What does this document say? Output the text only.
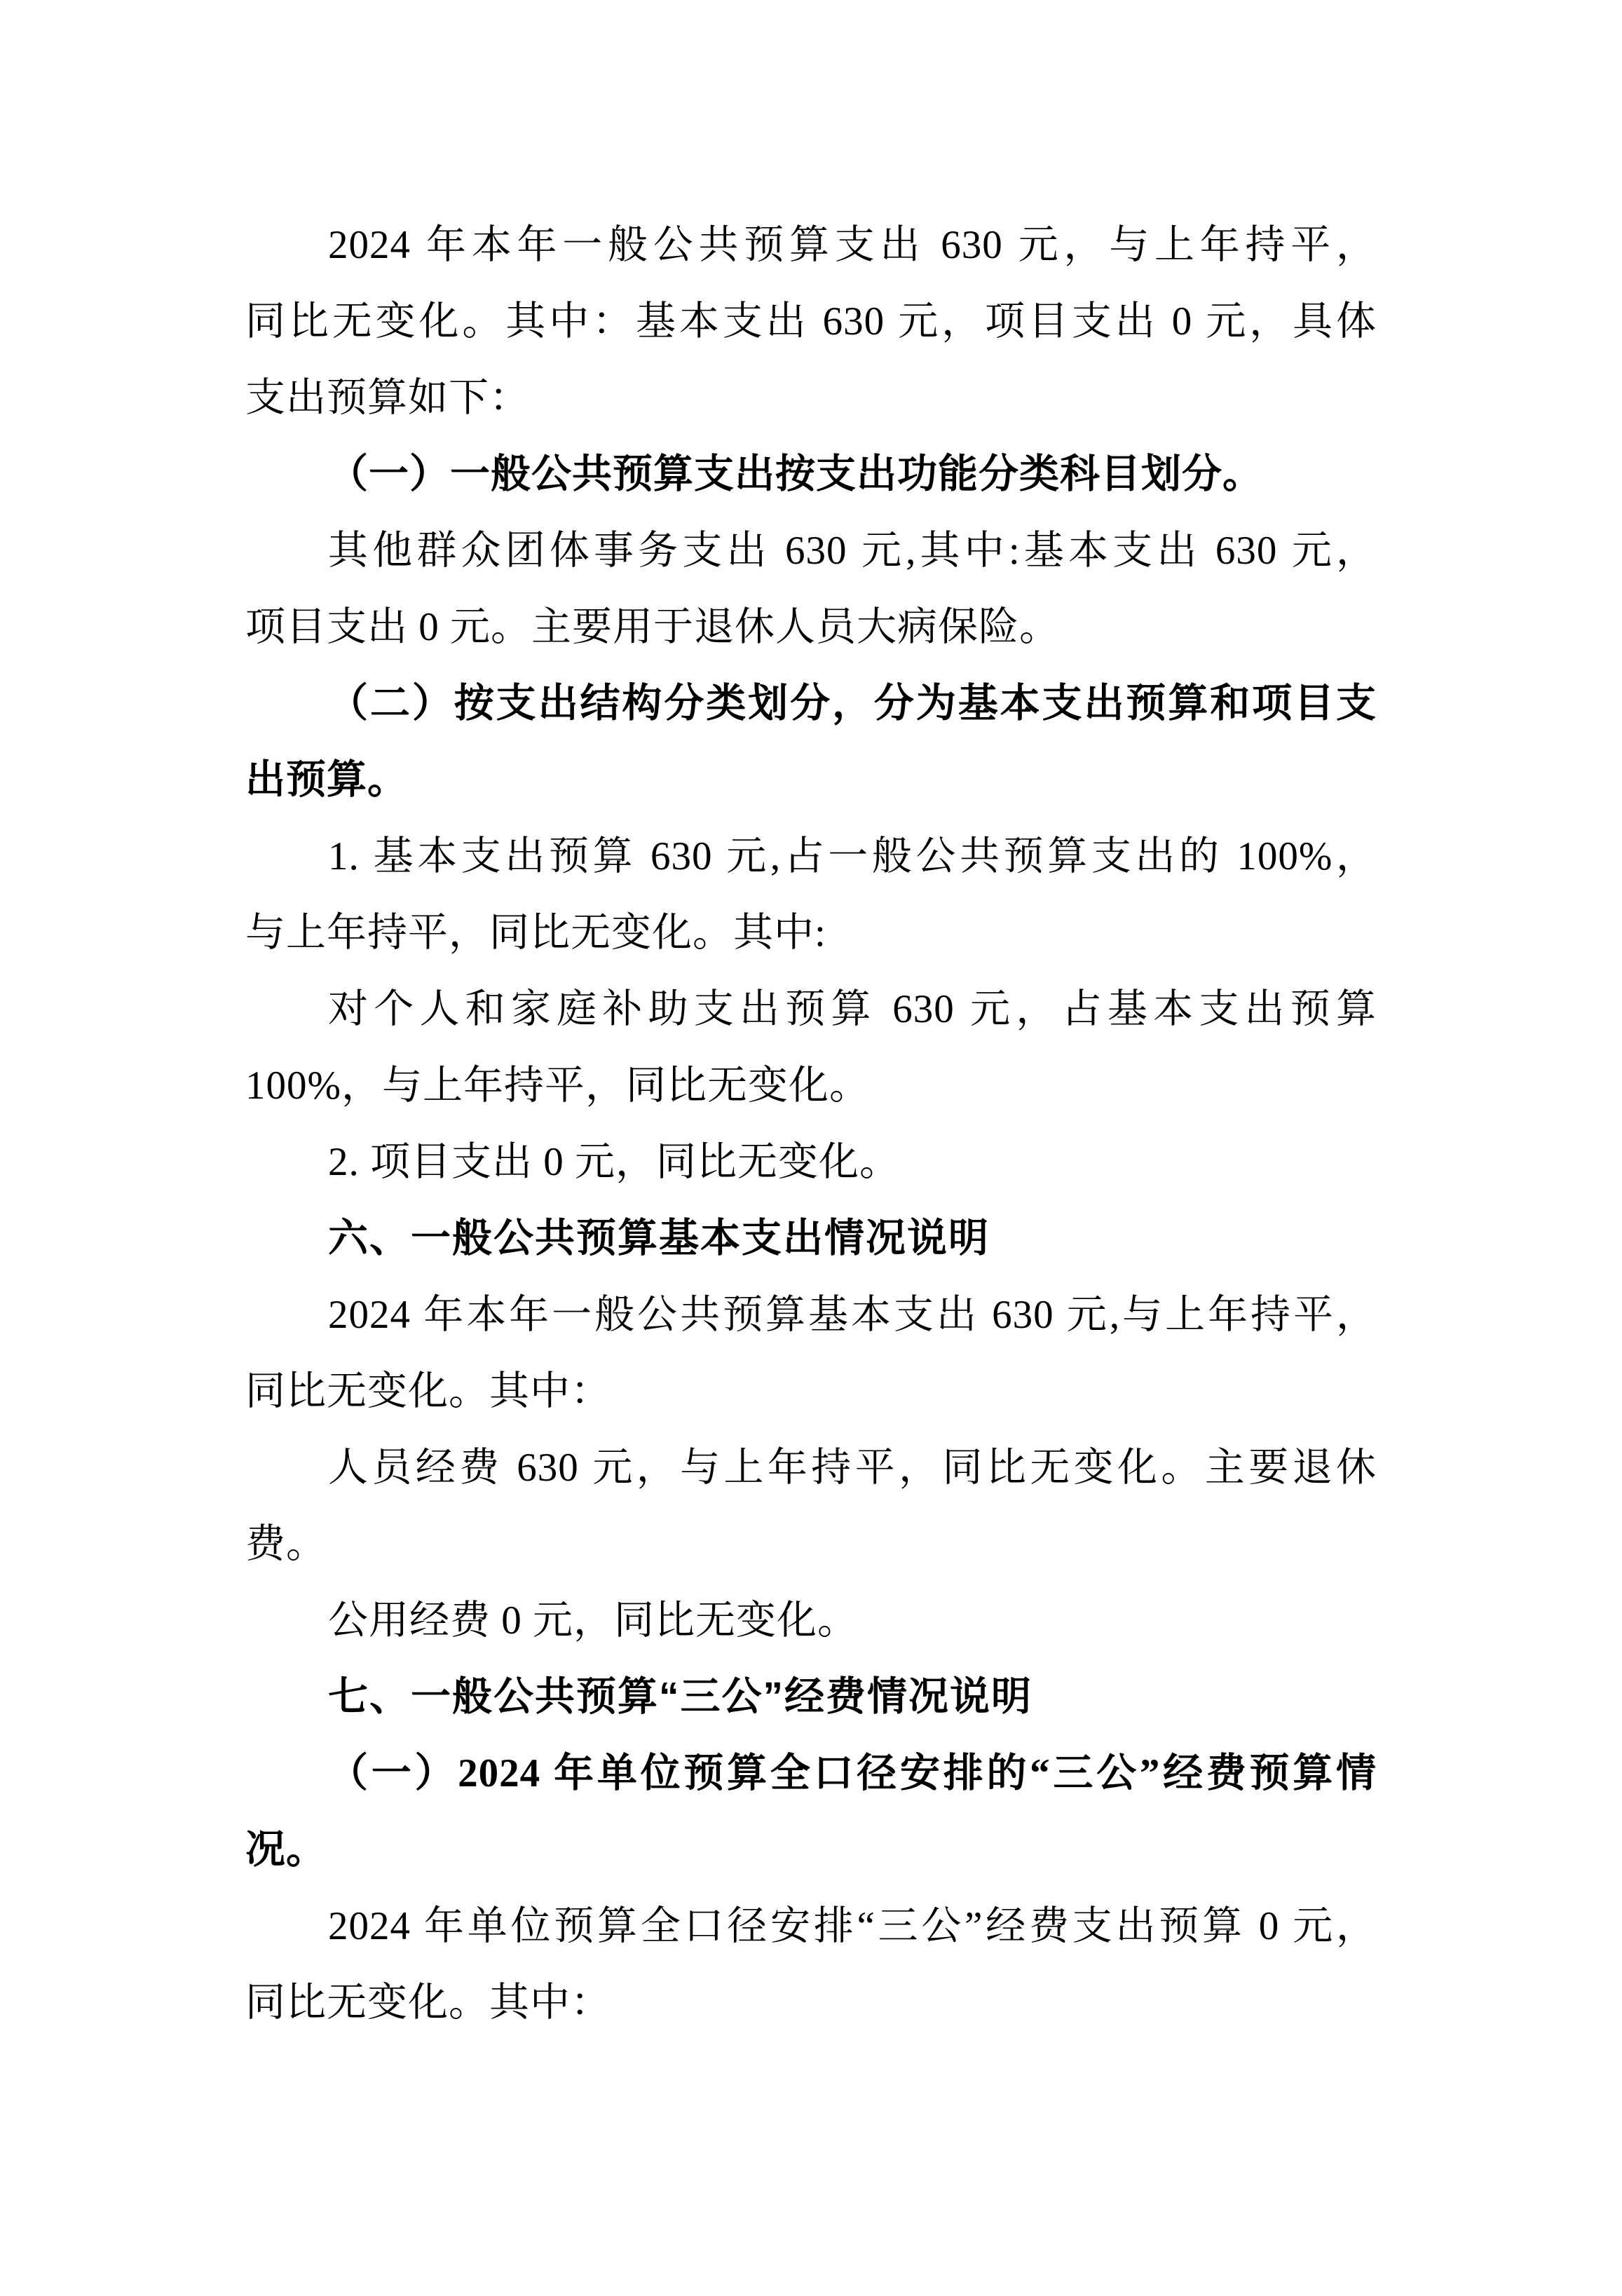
2024 年本年一般公共预算支出 630 元，与上年持平，

同比无变化。其中：基本支出 630 元，项目支出 0 元，具体

支出预算如下：

（一）一般公共预算支出按支出功能分类科目划分。

其他群众团体事务支出 630 元,其中:基本支出 630 元，

项目支出 0 元。主要用于退休人员大病保险。

（二）按支出结构分类划分，分为基本支出预算和项目支

出预算。

1. 基本支出预算 630 元,占一般公共预算支出的 100%，

与上年持平，同比无变化。其中:

对个人和家庭补助支出预算 630 元，占基本支出预算

100%，与上年持平，同比无变化。

2. 项目支出 0 元，同比无变化。

六、一般公共预算基本支出情况说明

2024 年本年一般公共预算基本支出 630 元,与上年持平，

同比无变化。其中：

人员经费 630 元，与上年持平，同比无变化。主要退休

费。

公用经费 0 元，同比无变化。

七、一般公共预算“三公”经费情况说明

（一）2024 年单位预算全口径安排的“三公”经费预算情

况。

2024 年单位预算全口径安排“三公”经费支出预算 0 元，

同比无变化。其中：
